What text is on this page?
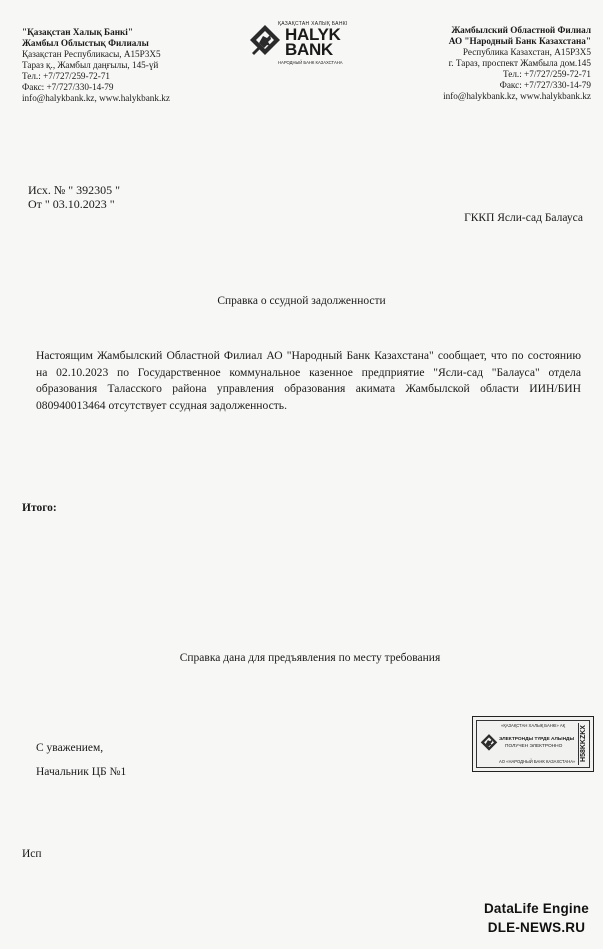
"Қазақстан Халық Банкі"
Жамбыл Облыстық Филиалы
Қазақстан Республикасы, A15P3X5
Тараз қ., Жамбыл даңғылы, 145-үй
Тел.: +7/727/259-72-71
Факс: +7/727/330-14-79
info@halykbank.kz, www.halykbank.kz
ҚАЗАҚСТАН ХАЛЫҚ БАНКІ
HALYK
BANK
НАРОДНЫЙ БАНК КАЗАХСТАНА
Жамбылский Областной Филиал
АО "Народный Банк Казахстана"
Республика Казахстан, A15P3X5
г. Тараз, проспект Жамбыла дом.145
Тел.: +7/727/259-72-71
Факс: +7/727/330-14-79
info@halykbank.kz, www.halykbank.kz
Исх. № " 392305 "
От " 03.10.2023 "
ГККП Ясли-сад Балауса
Справка о ссудной задолженности
Настоящим Жамбылский Областной Филиал АО "Народный Банк Казахстана" сообщает, что по состоянию на 02.10.2023 по Государственное коммунальное казенное предприятие "Ясли-сад "Балауса" отдела образования Таласского района управления образования акимата Жамбылской области ИИН/БИН 080940013464 отсутствует ссудная задолженность.
Итого:
Справка дана для предъявления по месту требования
С уважением,
Начальник ЦБ №1
«ҚАЗАҚСТАН ХАЛЫҚ БАНКІ» АҚ
ЭЛЕКТРОНДЫ ТҮРДЕ АЛЫНДЫ
ПОЛУЧЕН ЭЛЕКТРОННО
АО «НАРОДНЫЙ БАНК КАЗАХСТАНА» H58KKZKX
Исп
DataLife Engine
DLE-NEWS.RU
